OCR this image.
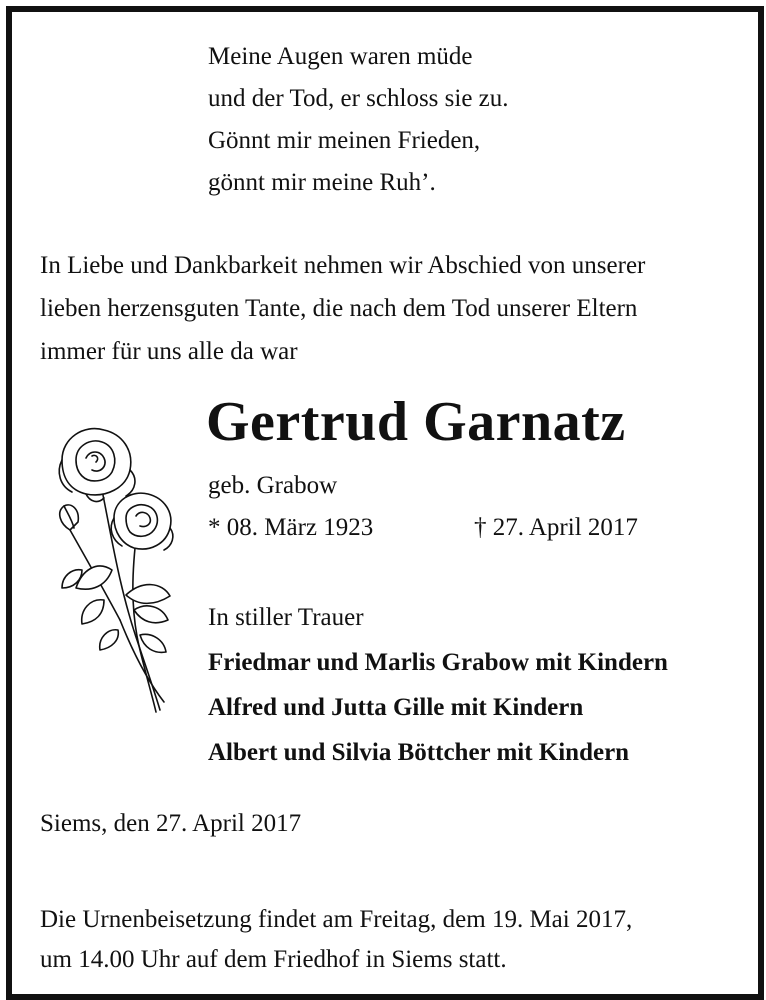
Meine Augen waren müde
und der Tod, er schloss sie zu.
Gönnt mir meinen Frieden,
gönnt mir meine Ruh’.
In Liebe und Dankbarkeit nehmen wir Abschied von unserer
lieben herzensguten Tante, die nach dem Tod unserer Eltern
immer für uns alle da war
Gertrud Garnatz
geb. Grabow
* 08. März 1923	† 27. April 2017
In stiller Trauer
Friedmar und Marlis Grabow mit Kindern
Alfred und Jutta Gille mit Kindern
Albert und Silvia Böttcher mit Kindern
Siems, den 27. April 2017
Die Urnenbeisetzung findet am Freitag, dem 19. Mai 2017,
um 14.00 Uhr auf dem Friedhof in Siems statt.
